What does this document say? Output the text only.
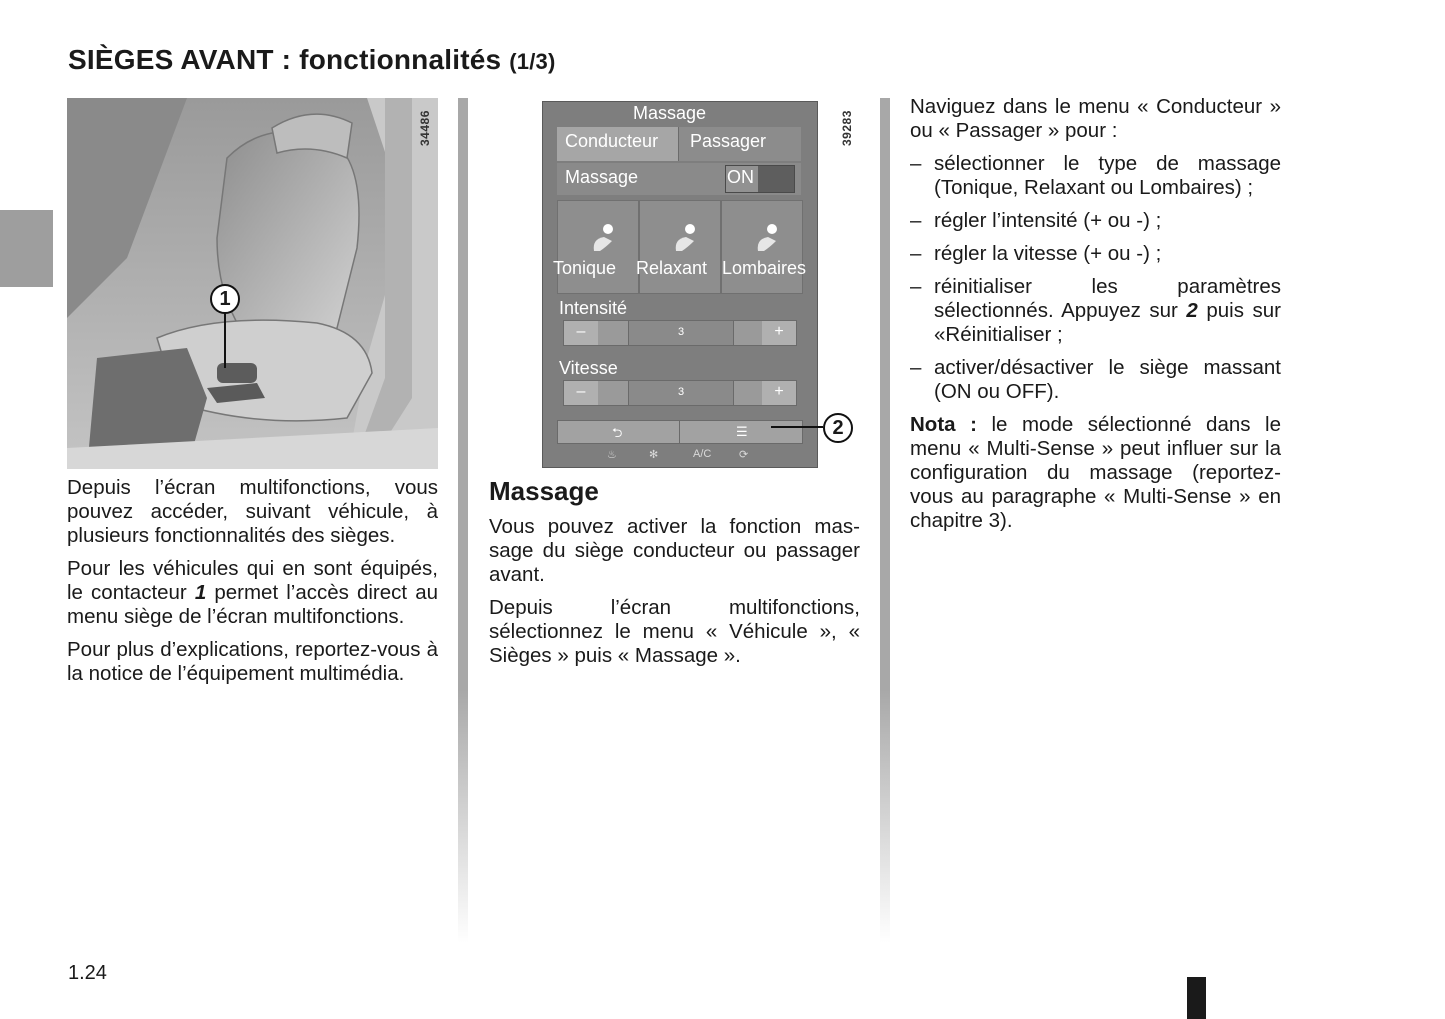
SIÈGES AVANT : fonctionnalités (1/3)
1
34486	Massage
Conducteur Passager
Massage	ON
Tonique Relaxant Lombaires
Intensité
–	3	+
Vitesse
–	3	+
⮌	☰
♨	✻	A/C	⟳
2
39283

Depuis l’écran multifonctions, vous pouvez accéder, suivant véhicule, à plusieurs fonctionnalités des sièges.

Pour les véhicules qui en sont équipés, le contacteur 1 permet l’accès direct au menu siège de l’écran multifonctions.

Pour plus d’explications, reportez-vous à la notice de l’équipement multimédia.

Massage

Vous pouvez activer la fonction mas-sage du siège conducteur ou passager avant.

Depuis l’écran multifonctions, sélectionnez le menu « Véhicule », « Sièges » puis « Massage ».

Naviguez dans le menu « Conducteur » ou « Passager » pour :

– sélectionner le type de massage (Tonique, Relaxant ou Lombaires) ;
– régler l’intensité (+ ou -) ;
– régler la vitesse (+ ou -) ;
– réinitialiser les paramètres sélectionnés. Appuyez sur 2 puis sur «Réinitialiser ;
– activer/désactiver le siège massant (ON ou OFF).

Nota : le mode sélectionné dans le menu « Multi-Sense » peut influer sur la configuration du massage (reportez-vous au paragraphe « Multi-Sense » en chapitre 3).

1.24
